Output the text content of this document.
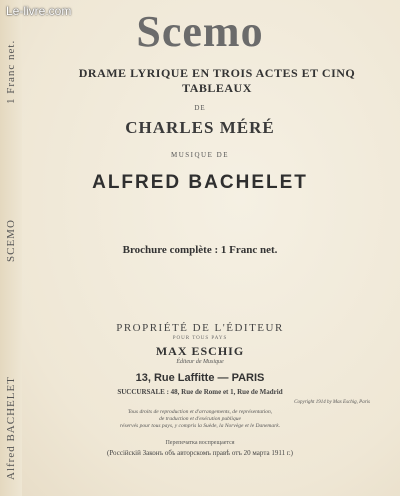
Alfred BACHELET
SCEMO
1 Franc net.
Le-livre.com	Scemo
DRAME LYRIQUE EN TROIS ACTES ET CINQ TABLEAUX
DE
CHARLES MÉRÉ
MUSIQUE DE
ALFRED BACHELET
Brochure complète : 1 Franc net.
PROPRIÉTÉ DE L'ÉDITEUR
POUR TOUS PAYS
MAX ESCHIG
Éditeur de Musique
13, Rue Laffitte — PARIS
SUCCURSALE : 48, Rue de Rome et 1, Rue de Madrid
Copyright 1914 by Max Eschig, Paris
Tous droits de reproduction et d'arrangements, de représentation,
de traduction et d'exécution publique
réservés pour tous pays, y compris la Suède, la Norvège et le Danemark.
Перепечатка воспрещается
(Россійскій Законъ объ авторскомъ правѣ отъ 20 марта 1911 г.)
